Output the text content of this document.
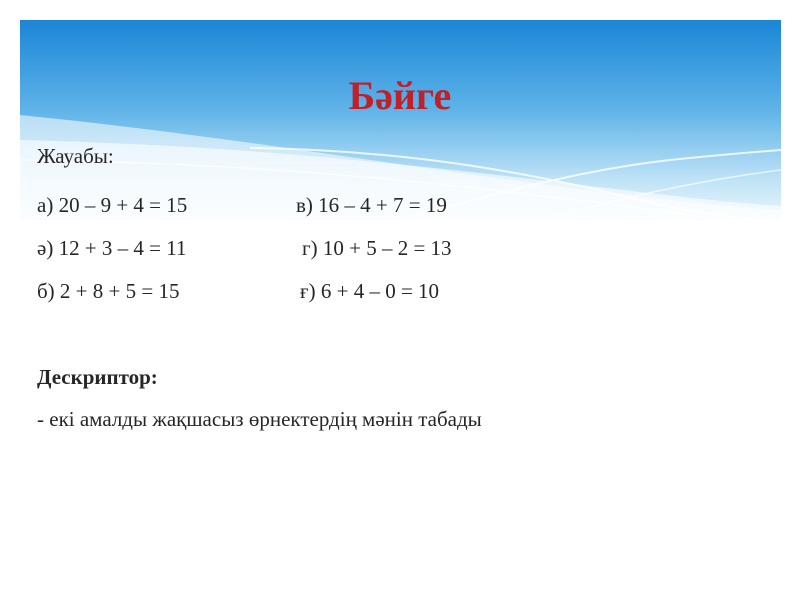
Бәйге
Жауабы:
а) 20 – 9 + 4 = 15	в) 16 – 4 + 7 = 19
ә) 12 + 3 – 4 = 11	г) 10 + 5 – 2 = 13
б) 2 + 8 + 5 = 15	ғ) 6 + 4 – 0 = 10
Дескриптор:
- екі амалды жақшасыз өрнектердің мәнін табады
